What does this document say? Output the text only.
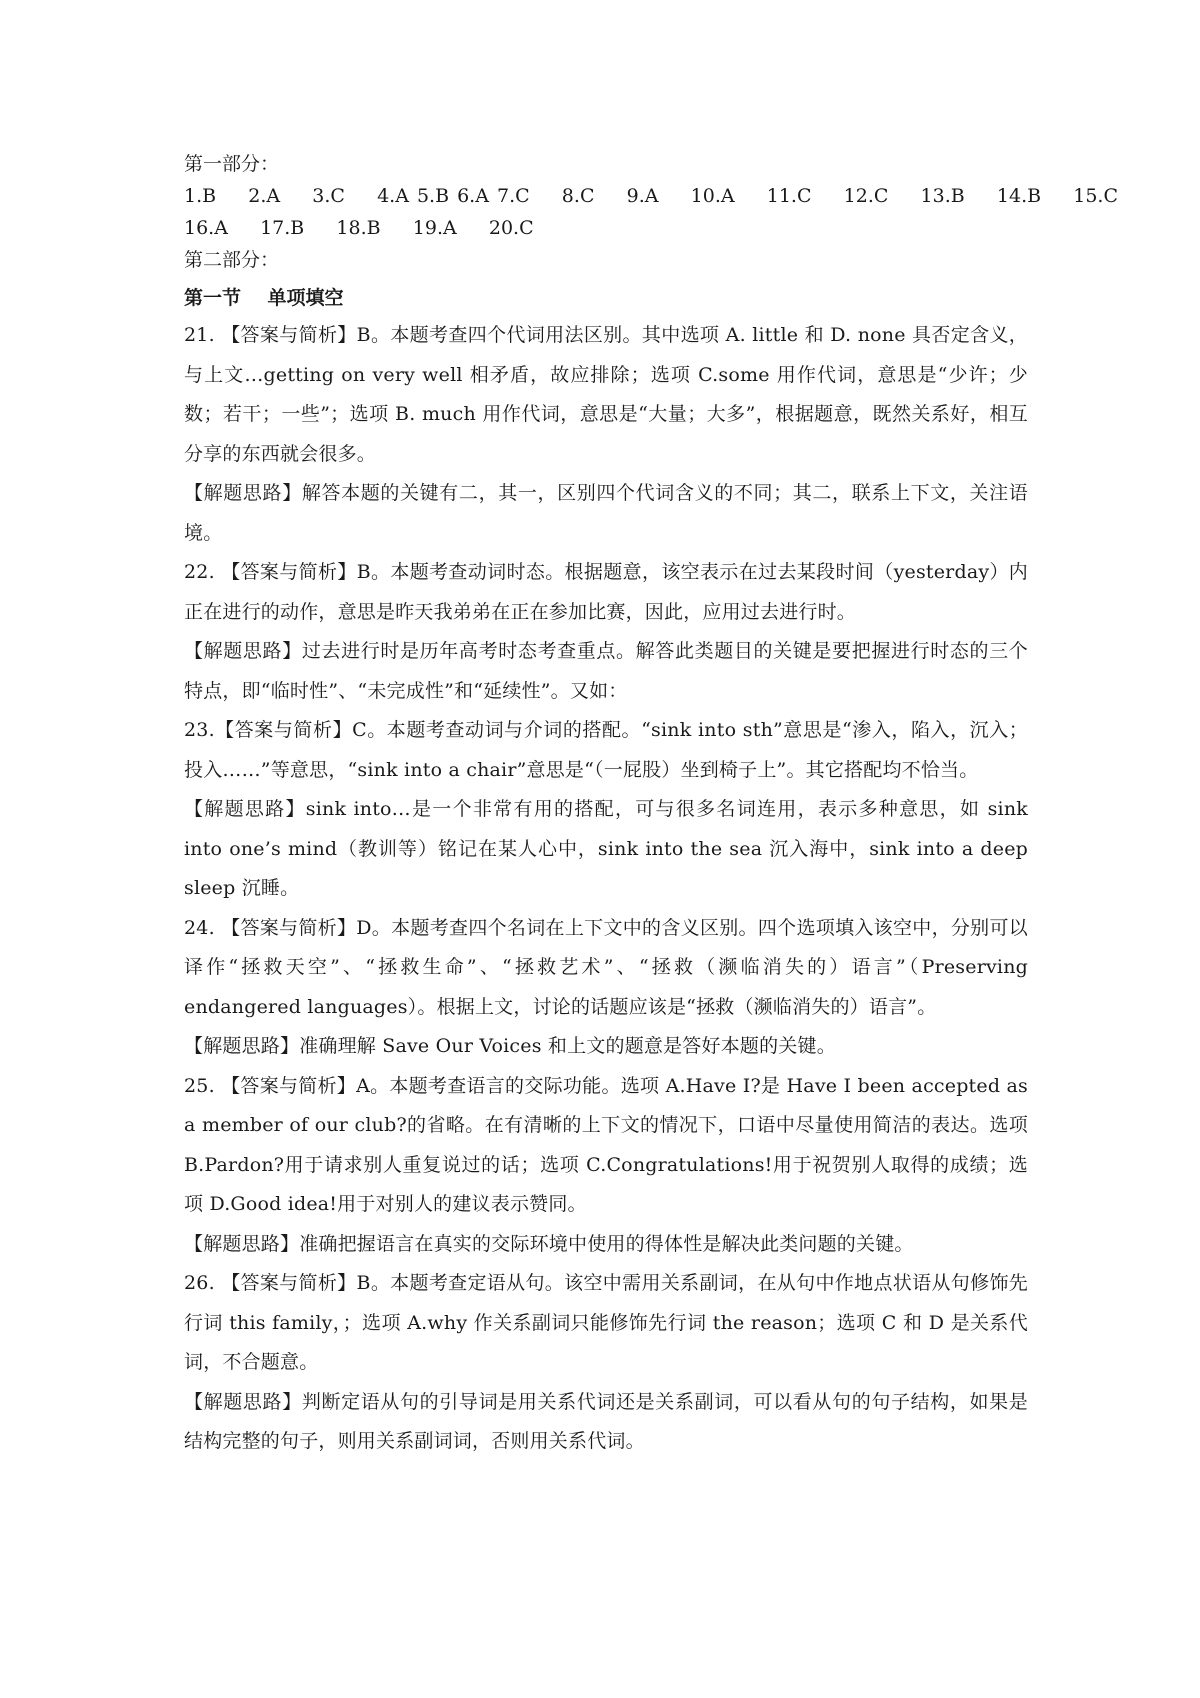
第一部分：
1.B    2.A    3.C    4.A 5.B 6.A 7.C    8.C    9.A    10.A    11.C    12.C    13.B    14.B    15.C
16.A    17.B    18.B    19.A    20.C
第二部分：
第一节    单项填空

21. 【答案与简析】B。本题考查四个代词用法区别。其中选项 A. little 和 D. none 具否定含义，与上文…getting on very well 相矛盾，故应排除；选项 C.some 用作代词，意思是“少许；少数；若干；一些”；选项 B. much 用作代词，意思是“大量；大多”，根据题意，既然关系好，相互分享的东西就会很多。

【解题思路】解答本题的关键有二，其一，区别四个代词含义的不同；其二，联系上下文，关注语境。

22. 【答案与简析】B。本题考查动词时态。根据题意，该空表示在过去某段时间（yesterday）内正在进行的动作，意思是昨天我弟弟在正在参加比赛，因此，应用过去进行时。

【解题思路】过去进行时是历年高考时态考查重点。解答此类题目的关键是要把握进行时态的三个特点，即“临时性”、“未完成性”和“延续性”。又如：

23.【答案与简析】C。本题考查动词与介词的搭配。“sink into sth”意思是“渗入，陷入，沉入；投入……”等意思，“sink into a chair”意思是“（一屁股）坐到椅子上”。其它搭配均不恰当。

【解题思路】sink into…是一个非常有用的搭配，可与很多名词连用，表示多种意思，如 sink into one’s mind（教训等）铭记在某人心中，sink into the sea 沉入海中，sink into a deep sleep 沉睡。

24. 【答案与简析】D。本题考查四个名词在上下文中的含义区别。四个选项填入该空中，分别可以译作“拯救天空”、“拯救生命”、“拯救艺术”、“拯救（濒临消失的）语言”（Preserving endangered languages）。根据上文，讨论的话题应该是“拯救（濒临消失的）语言”。

【解题思路】准确理解 Save Our Voices 和上文的题意是答好本题的关键。

25. 【答案与简析】A。本题考查语言的交际功能。选项 A.Have I?是 Have I been accepted as a member of our club?的省略。在有清晰的上下文的情况下，口语中尽量使用简洁的表达。选项 B.Pardon?用于请求别人重复说过的话；选项 C.Congratulations!用于祝贺别人取得的成绩；选项 D.Good idea!用于对别人的建议表示赞同。

【解题思路】准确把握语言在真实的交际环境中使用的得体性是解决此类问题的关键。

26. 【答案与简析】B。本题考查定语从句。该空中需用关系副词，在从句中作地点状语从句修饰先行词 this family，；选项 A.why 作关系副词只能修饰先行词 the reason；选项 C 和 D 是关系代词，不合题意。

【解题思路】判断定语从句的引导词是用关系代词还是关系副词，可以看从句的句子结构，如果是结构完整的句子，则用关系副词词，否则用关系代词。
